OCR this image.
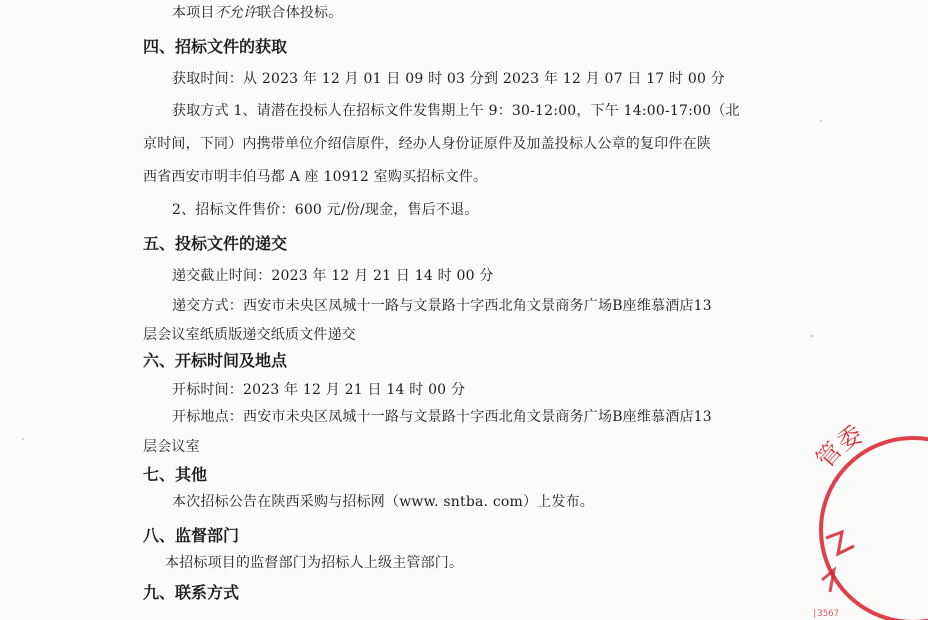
本项目不允许联合体投标。
四、招标文件的获取
获取时间：从 2023 年 12 月 01 日 09 时 03 分到 2023 年 12 月 07 日 17 时 00 分
获取方式 1、请潜在投标人在招标文件发售期上午 9：30-12:00，下午 14:00-17:00（北
京时间，下同）内携带单位介绍信原件，经办人身份证原件及加盖投标人公章的复印件在陕
西省西安市明丰伯马都 A 座 10912 室购买招标文件。
2、招标文件售价：600 元/份/现金，售后不退。
五、投标文件的递交
递交截止时间：2023 年 12 月 21 日 14 时 00 分
递交方式：西安市未央区凤城十一路与文景路十字西北角文景商务广场B座维慕酒店13
层会议室纸质版递交纸质文件递交
六、开标时间及地点
开标时间：2023 年 12 月 21 日 14 时 00 分
开标地点：西安市未央区凤城十一路与文景路十字西北角文景商务广场B座维慕酒店13
层会议室
七、其他
本次招标公告在陕西采购与招标网（www. sntba. com）上发布。
八、监督部门
本招标项目的监督部门为招标人上级主管部门。
九、联系方式
管委
|3567
